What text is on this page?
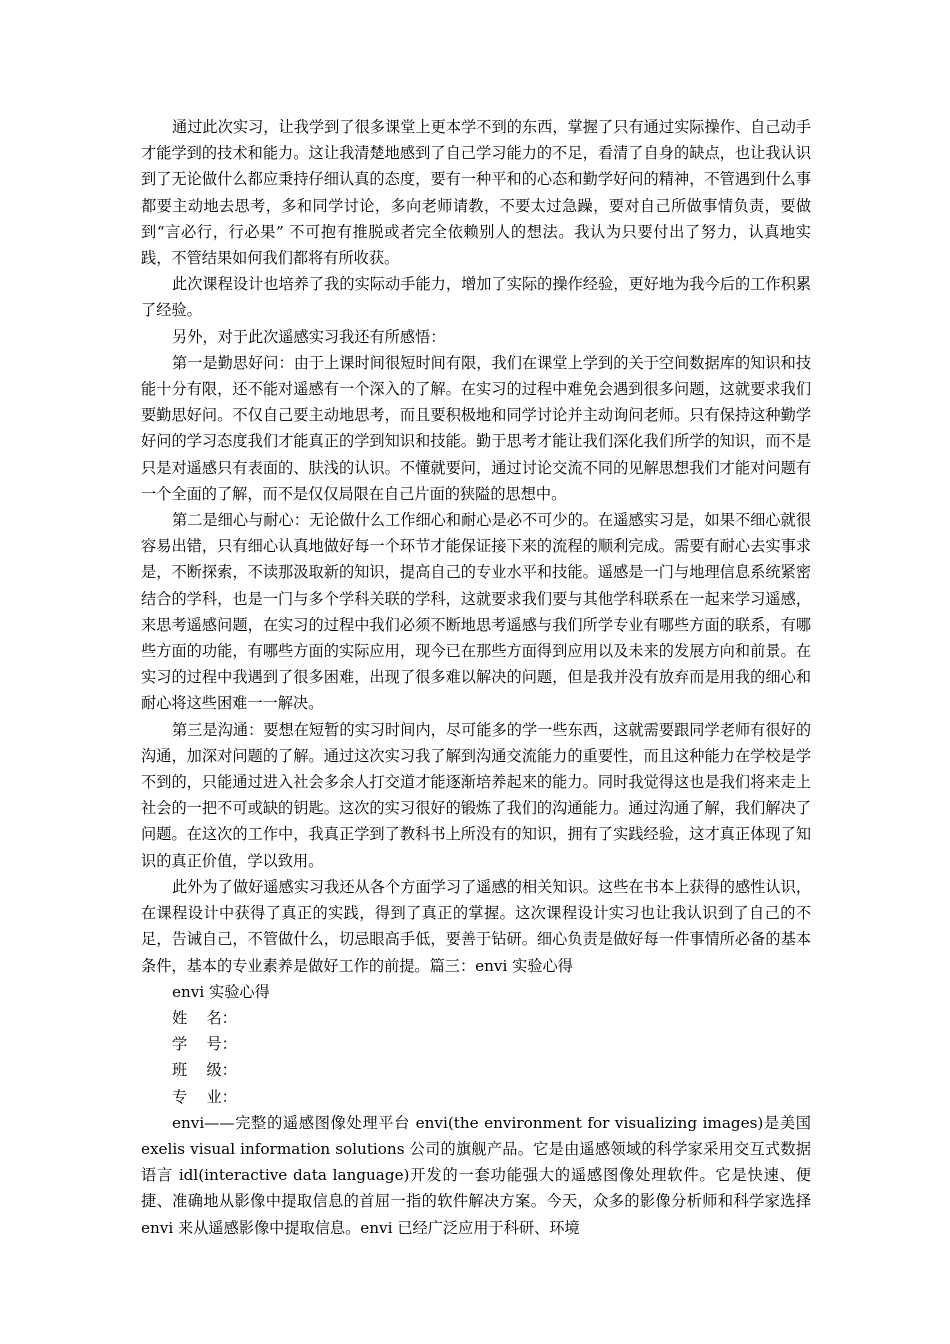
通过此次实习，让我学到了很多课堂上更本学不到的东西，掌握了只有通过实际操作、自己动手才能学到的技术和能力。这让我清楚地感到了自己学习能力的不足，看清了自身的缺点，也让我认识到了无论做什么都应秉持仔细认真的态度，要有一种平和的心态和勤学好问的精神，不管遇到什么事都要主动地去思考，多和同学讨论，多向老师请教，不要太过急躁，要对自己所做事情负责，要做到“言必行，行必果” 不可抱有推脱或者完全依赖别人的想法。我认为只要付出了努力，认真地实践，不管结果如何我们都将有所收获。

此次课程设计也培养了我的实际动手能力，增加了实际的操作经验，更好地为我今后的工作积累了经验。

另外，对于此次遥感实习我还有所感悟：

第一是勤思好问：由于上课时间很短时间有限，我们在课堂上学到的关于空间数据库的知识和技能十分有限，还不能对遥感有一个深入的了解。在实习的过程中难免会遇到很多问题，这就要求我们要勤思好问。不仅自己要主动地思考，而且要积极地和同学讨论并主动询问老师。只有保持这种勤学好问的学习态度我们才能真正的学到知识和技能。勤于思考才能让我们深化我们所学的知识，而不是只是对遥感只有表面的、肤浅的认识。不懂就要问，通过讨论交流不同的见解思想我们才能对问题有一个全面的了解，而不是仅仅局限在自己片面的狭隘的思想中。

第二是细心与耐心：无论做什么工作细心和耐心是必不可少的。在遥感实习是，如果不细心就很容易出错，只有细心认真地做好每一个环节才能保证接下来的流程的顺利完成。需要有耐心去实事求是，不断探索，不读那汲取新的知识，提高自己的专业水平和技能。遥感是一门与地理信息系统紧密结合的学科，也是一门与多个学科关联的学科，这就要求我们要与其他学科联系在一起来学习遥感，来思考遥感问题，在实习的过程中我们必须不断地思考遥感与我们所学专业有哪些方面的联系，有哪些方面的功能，有哪些方面的实际应用，现今已在那些方面得到应用以及未来的发展方向和前景。在实习的过程中我遇到了很多困难，出现了很多难以解决的问题，但是我并没有放弃而是用我的细心和耐心将这些困难一一解决。

第三是沟通：要想在短暂的实习时间内，尽可能多的学一些东西，这就需要跟同学老师有很好的沟通，加深对问题的了解。通过这次实习我了解到沟通交流能力的重要性，而且这种能力在学校是学不到的，只能通过进入社会多余人打交道才能逐渐培养起来的能力。同时我觉得这也是我们将来走上社会的一把不可或缺的钥匙。这次的实习很好的锻炼了我们的沟通能力。通过沟通了解，我们解决了问题。在这次的工作中，我真正学到了教科书上所没有的知识，拥有了实践经验，这才真正体现了知识的真正价值，学以致用。

此外为了做好遥感实习我还从各个方面学习了遥感的相关知识。这些在书本上获得的感性认识，在课程设计中获得了真正的实践，得到了真正的掌握。这次课程设计实习也让我认识到了自己的不足，告诫自己，不管做什么，切忌眼高手低，要善于钻研。细心负责是做好每一件事情所必备的基本条件，基本的专业素养是做好工作的前提。篇三：envi 实验心得

envi 实验心得

姓    名：
学    号：
班    级：
专    业：

envi——完整的遥感图像处理平台 envi(the environment for visualizing images)是美国 exelis visual information solutions 公司的旗舰产品。它是由遥感领域的科学家采用交互式数据语言 idl(interactive data language)开发的一套功能强大的遥感图像处理软件。它是快速、便捷、准确地从影像中提取信息的首屈一指的软件解决方案。今天，众多的影像分析师和科学家选择 envi 来从遥感影像中提取信息。envi 已经广泛应用于科研、环境
